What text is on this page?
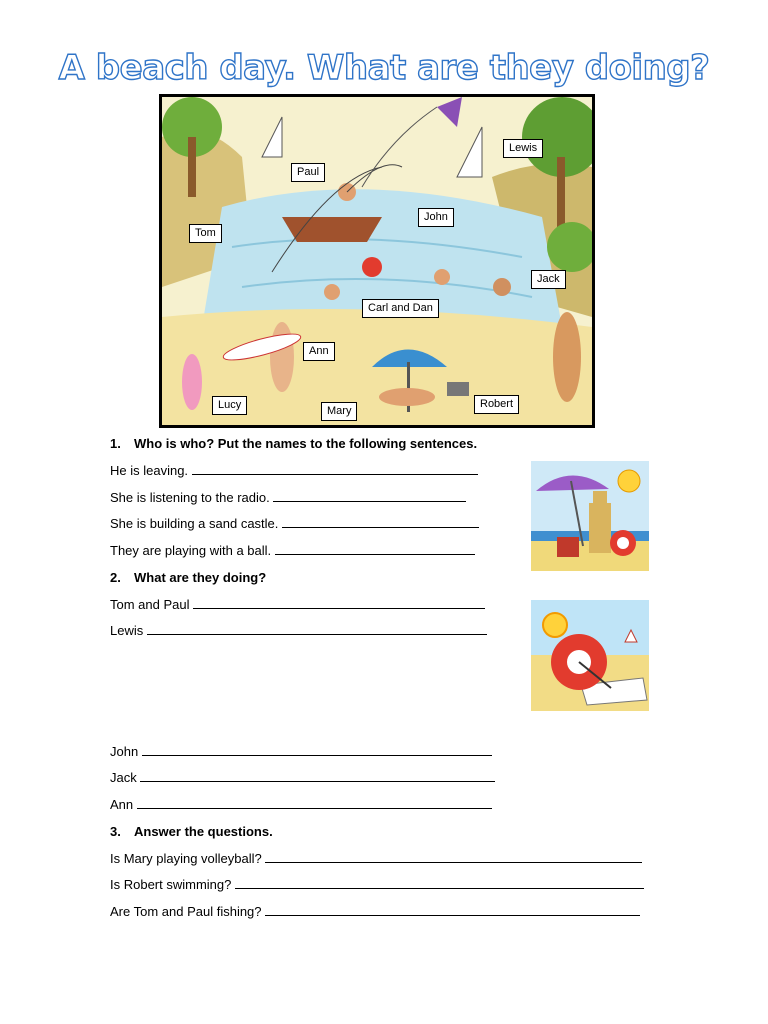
A beach day. What are they doing?
Paul
Lewis
John
Tom
Jack
Carl and Dan
Ann
Lucy	Mary
Robert
1. Who is who? Put the names to the following sentences.
He is leaving.
She is listening to the radio.
She is building a sand castle.
They are playing with a ball.
2. What are they doing?
Tom and Paul
Lewis
John
Jack
Ann
3. Answer the questions.
Is Mary playing volleyball?
Is Robert swimming?
Are Tom and Paul fishing?
